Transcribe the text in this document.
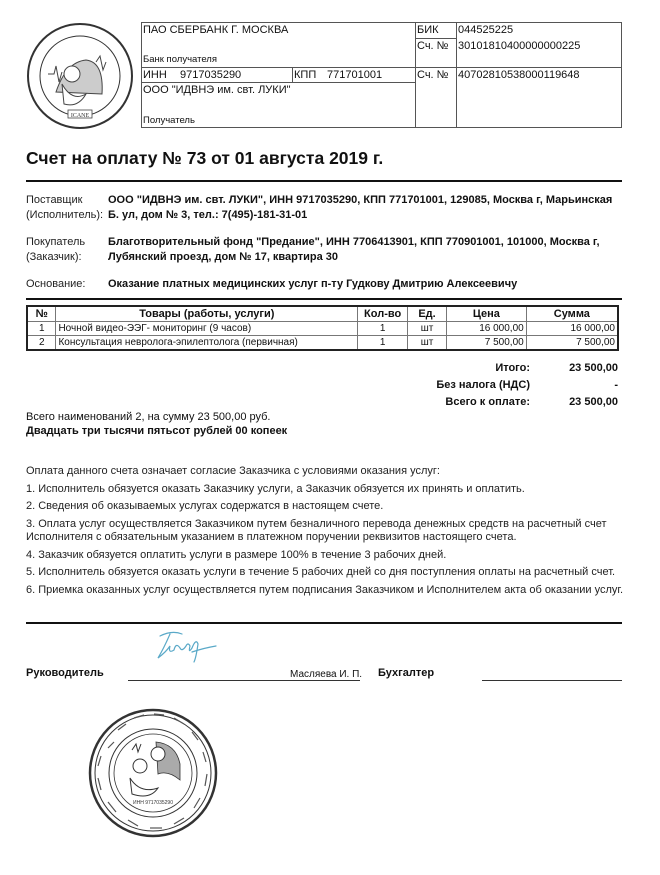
ICANE
ПАО СБЕРБАНК Г. МОСКВА
Банк получателя
ИНН 9717035290	КПП 771701001
ООО "ИДВНЭ им. свт. ЛУКИ"
Получатель
БИК 044525225
Сч. № 30101810400000000225
Сч. № 40702810538000119648
Счет на оплату № 73 от 01 августа 2019 г.
Поставщик
(Исполнитель):
ООО "ИДВНЭ им. свт. ЛУКИ", ИНН 9717035290, КПП 771701001, 129085, Москва г, Марьинская Б. ул, дом № 3, тел.: 7(495)-181-31-01
Покупатель
(Заказчик):
Благотворительный фонд "Предание", ИНН 7706413901, КПП 770901001, 101000, Москва г, Лубянский проезд, дом № 17, квартира 30
Основание: Оказание платных медицинских услуг п-ту Гудкову Дмитрию Алексеевичу
№	Товары (работы, услуги)	Кол-во	Ед.	Цена	Сумма
1	Ночной видео-ЭЭГ- мониторинг (9 часов)	1	шт	16 000,00	16 000,00
2	Консультация невролога-эпилептолога (первичная)	1	шт	7 500,00	7 500,00
Итого:	23 500,00
Без налога (НДС)	-
Всего к оплате:	23 500,00
Всего наименований 2, на сумму 23 500,00 руб.
Двадцать три тысячи пятьсот рублей 00 копеек

Оплата данного счета означает согласие Заказчика с условиями оказания услуг:

1. Исполнитель обязуется оказать Заказчику услуги, а Заказчик обязуется их принять и оплатить.

2. Сведения об оказываемых услугах содержатся в настоящем счете.

3. Оплата услуг осуществляется Заказчиком путем безналичного перевода денежных средств на расчетный счет Исполнителя с обязательным указанием в платежном поручении реквизитов настоящего счета.

4. Заказчик обязуется оплатить услуги в размере 100% в течение 3 рабочих дней.

5. Исполнитель обязуется оказать услуги в течение 5 рабочих дней со дня поступления оплаты на расчетный счет.

6. Приемка оказанных услуг осуществляется путем подписания Заказчиком и Исполнителем акта об оказании услуг.

Руководитель	Масляева И. П. Бухгалтер
ИНН 9717035290
